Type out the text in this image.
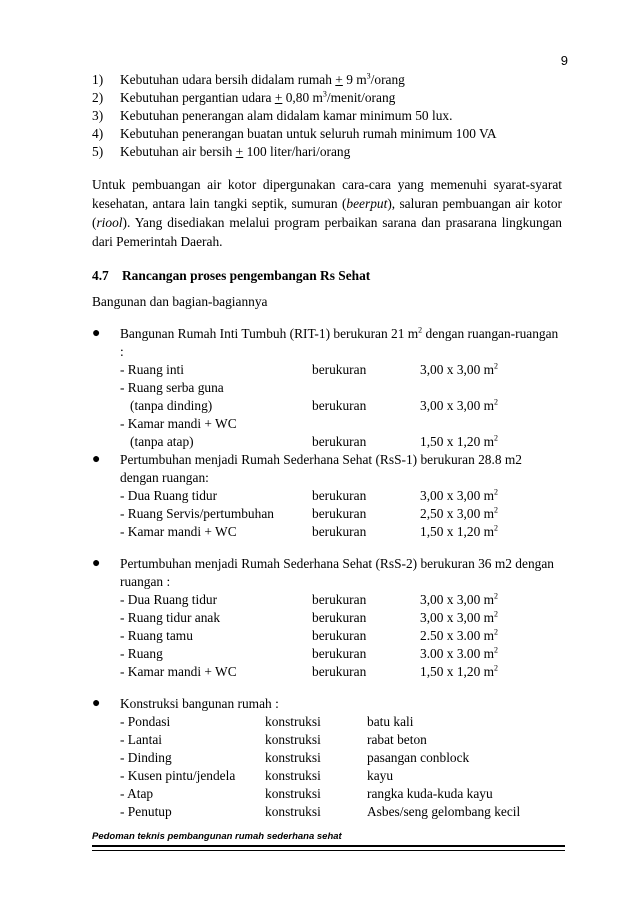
9
1)	Kebutuhan udara bersih didalam rumah + 9 $m^3$/orang
2)	Kebutuhan pergantian udara + 0,80 $m^3/menit$/orang
3)	Kebutuhan penerangan alam didalam kamar minimum 50 lux.
4)	Kebutuhan penerangan buatan untuk seluruh rumah minimum 100 VA
5)	Kebutuhan air bersih + 100 liter/hari/orang

Untuk pembuangan air kotor dipergunakan cara-cara yang memenuhi syarat-syarat kesehatan, antara lain tangki septik, sumuran (beerput), saluran pembuangan air kotor (riool). Yang disediakan melalui program perbaikan sarana dan prasarana lingkungan dari Pemerintah Daerah.

4.7 Rancangan proses pengembangan Rs Sehat
Bangunan dan bagian-bagiannya
●	Bangunan Rumah Inti Tumbuh (RIT-1) berukuran 21 $m^2$ dengan ruangan-ruangan :
- Ruang inti	berukuran	3,00 x 3,00 $m^2$
- Ruang serba guna
(tanpa dinding)	berukuran	3,00 x 3,00 $m^2$
- Kamar mandi + WC
(tanpa atap)	berukuran	1,50 x 1,20 $m^2$
●	Pertumbuhan menjadi Rumah Sederhana Sehat (RsS-1) berukuran 28.8 m2 dengan ruangan:
- Dua Ruang tidur	berukuran	3,00 x 3,00 $m^2$
- Ruang Servis/pertumbuhan	berukuran	2,50 x 3,00 $m^2$
- Kamar mandi + WC	berukuran	1,50 x 1,20 $m^2$
●	Pertumbuhan menjadi Rumah Sederhana Sehat (RsS-2) berukuran 36 m2 dengan ruangan :
- Dua Ruang tidur	berukuran	3,00 x 3,00 $m^2$
- Ruang tidur anak	berukuran	3,00 x 3,00 $m^2$
- Ruang tamu	berukuran	2.50 x 3.00 $m^2$
- Ruang	berukuran	3.00 x 3.00 $m^2$
- Kamar mandi + WC	berukuran	1,50 x 1,20 $m^2$
●	Konstruksi bangunan rumah :
- Pondasi	konstruksi	batu kali
- Lantai	konstruksi	rabat beton
- Dinding	konstruksi	pasangan conblock
- Kusen pintu/jendela	konstruksi	kayu
- Atap	konstruksi	rangka kuda-kuda kayu
- Penutup	konstruksi	Asbes/seng gelombang kecil
Pedoman teknis pembangunan rumah sederhana sehat
